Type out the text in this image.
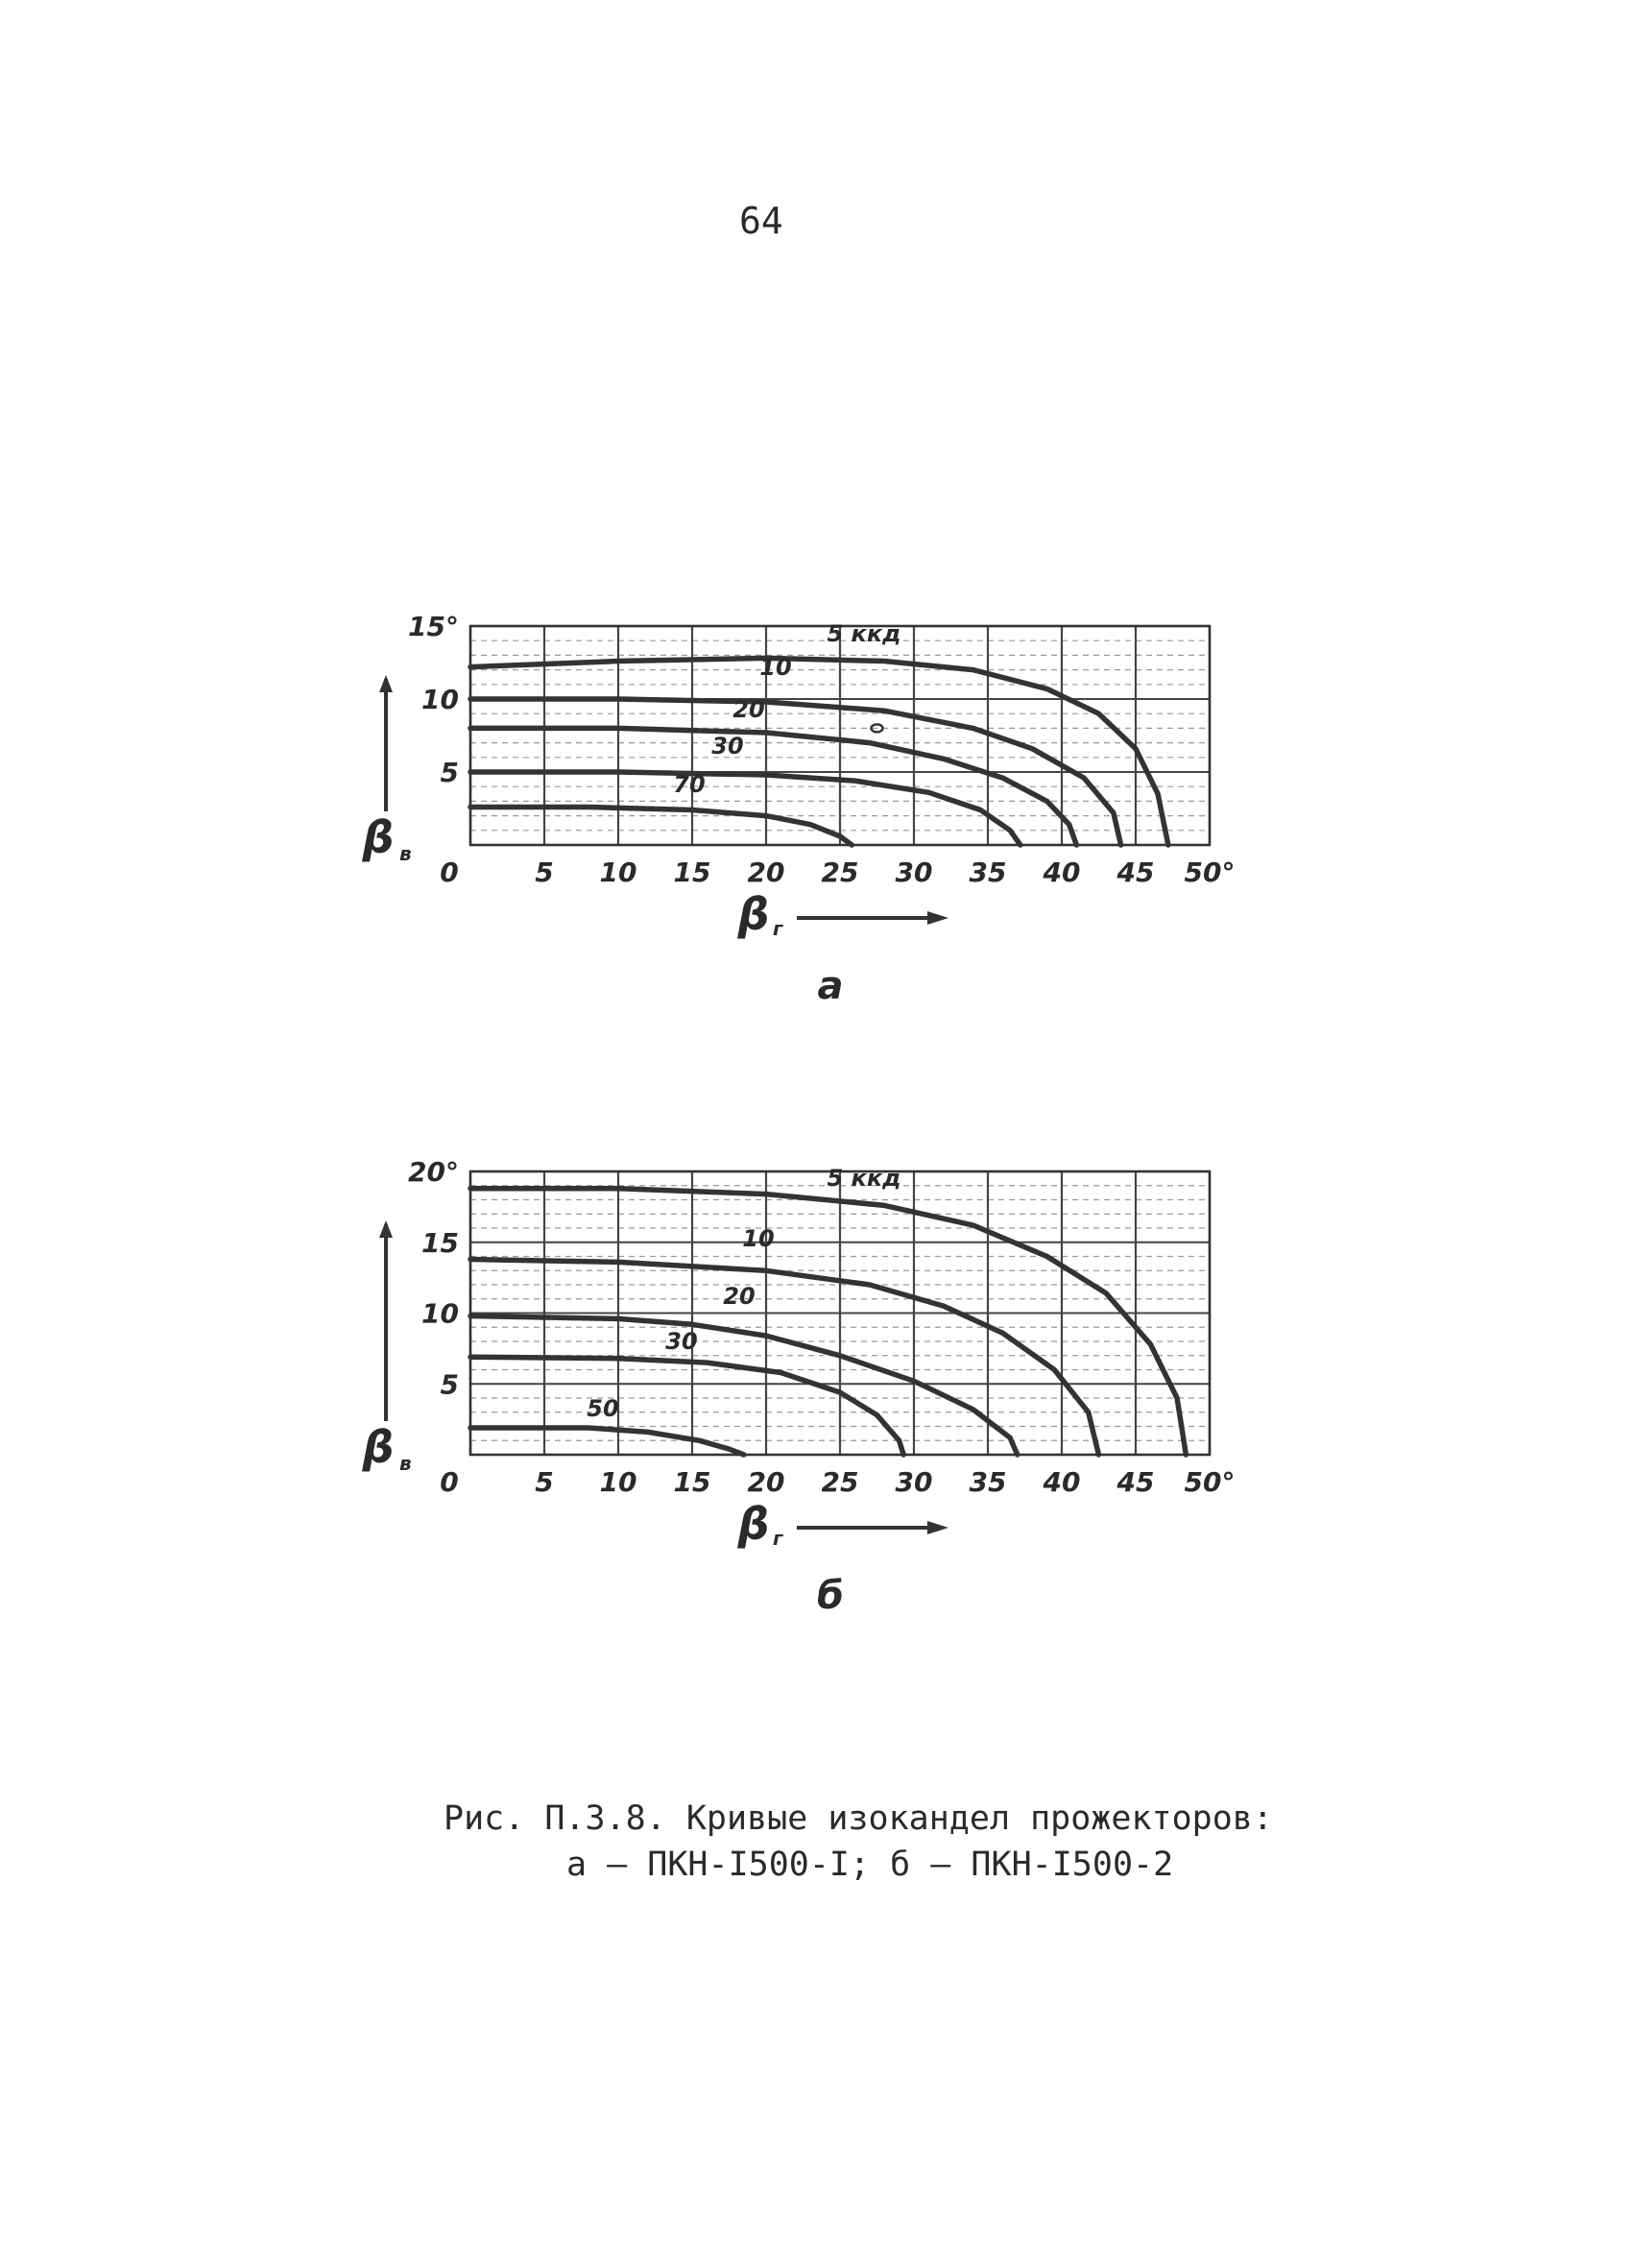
64
0	5 10 15 20 25 30 35 40 45 50°
5
10
15°	5 ккд
10
20
30
70
β в
β г
а
0	5 10 15 20 25 30 35 40 45 50°
5
10
15
20°	5 ккд
10
20
30
50
β в
β г
б
Рис. П.3.8. Кривые изокандел прожекторов:
а – ПКН-I500-I; б – ПКН-I500-2
